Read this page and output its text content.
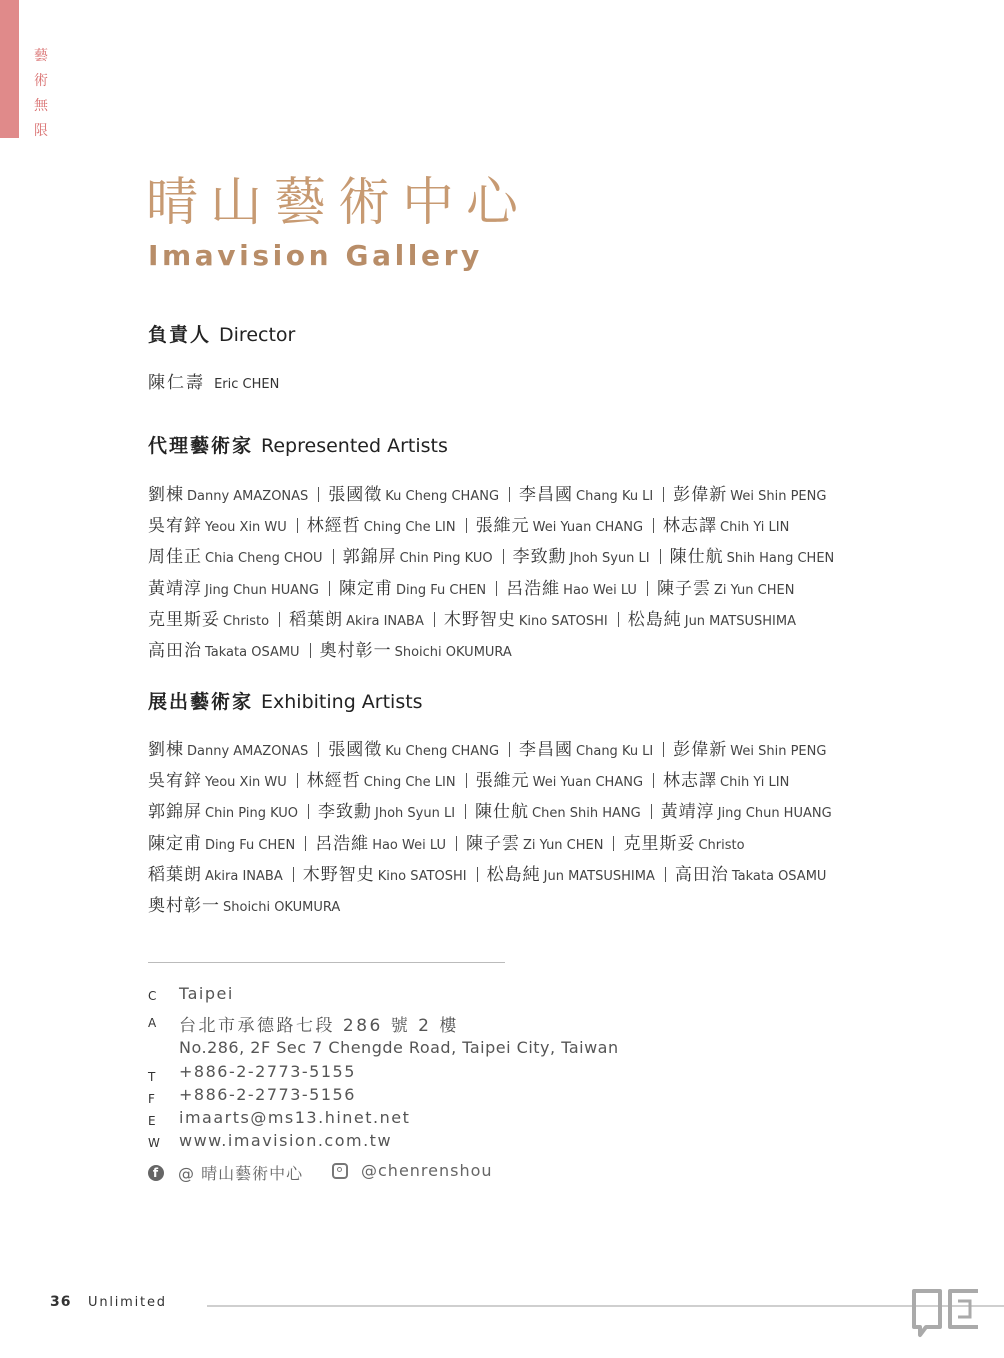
藝
術
無
限
晴山藝術中心
Imavision Gallery
負責人 Director
陳仁壽 Eric CHEN
代理藝術家 Represented Artists
劉棟 Danny AMAZONAS 張國徵 Ku Cheng CHANG 李昌國 Chang Ku LI 彭偉新 Wei Shin PENG
吳宥鋅 Yeou Xin WU 林經哲 Ching Che LIN 張維元 Wei Yuan CHANG 林志譯 Chih Yi LIN
周佳正 Chia Cheng CHOU 郭錦屏 Chin Ping KUO 李致勳 Jhoh Syun LI 陳仕航 Shih Hang CHEN
黃靖淳 Jing Chun HUANG 陳定甫 Ding Fu CHEN 呂浩維 Hao Wei LU 陳子雲 Zi Yun CHEN
克里斯妥 Christo 稻葉朗 Akira INABA 木野智史 Kino SATOSHI 松島純 Jun MATSUSHIMA
高田治 Takata OSAMU 奧村彰一 Shoichi OKUMURA
展出藝術家 Exhibiting Artists
劉棟 Danny AMAZONAS 張國徵 Ku Cheng CHANG 李昌國 Chang Ku LI 彭偉新 Wei Shin PENG
吳宥鋅 Yeou Xin WU 林經哲 Ching Che LIN 張維元 Wei Yuan CHANG 林志譯 Chih Yi LIN
郭錦屏 Chin Ping KUO 李致勳 Jhoh Syun LI 陳仕航 Chen Shih HANG 黃靖淳 Jing Chun HUANG
陳定甫 Ding Fu CHEN 呂浩維 Hao Wei LU 陳子雲 Zi Yun CHEN 克里斯妥 Christo
稻葉朗 Akira INABA 木野智史 Kino SATOSHI 松島純 Jun MATSUSHIMA 高田治 Takata OSAMU
奧村彰一 Shoichi OKUMURA
C	Taipei
A	台北市承德路七段 286 號 2 樓
No.286, 2F Sec 7 Chengde Road, Taipei City, Taiwan
T	+886-2-2773-5155
F	+886-2-2773-5156
E	imaarts@ms13.hinet.net
W	www.imavision.com.tw
f	@ 晴山藝術中心	@chenrenshou
36 Unlimited
